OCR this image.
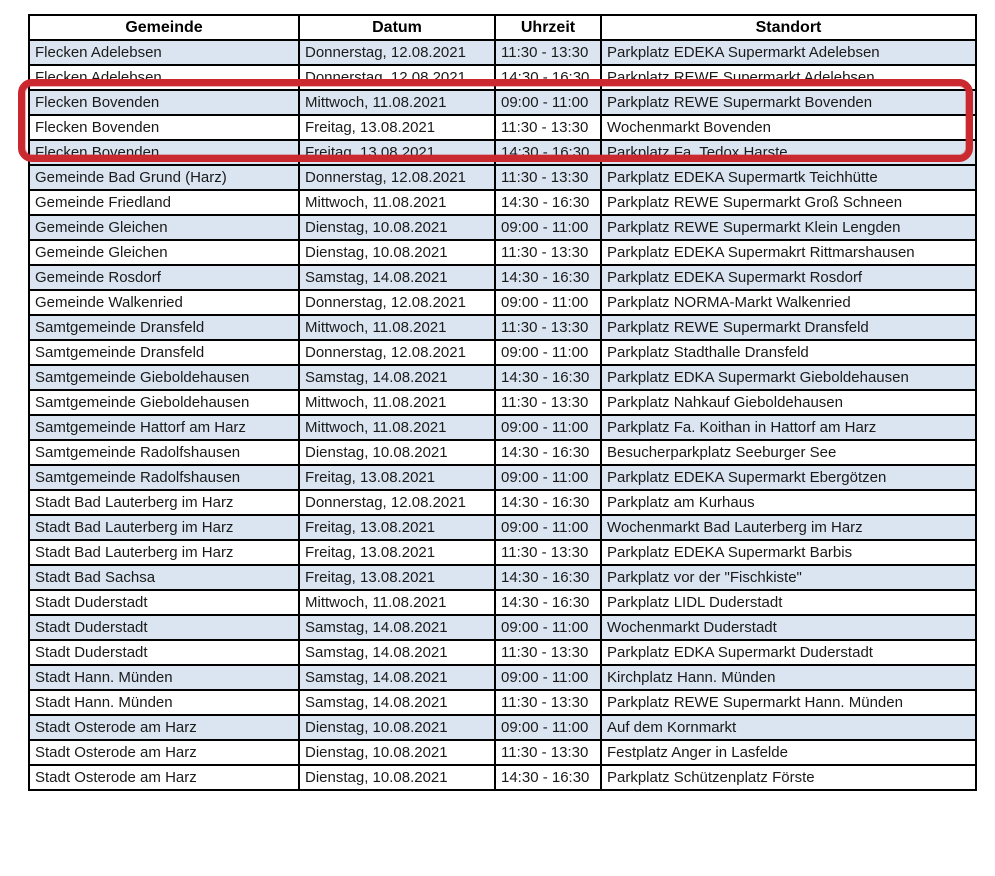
Gemeinde	Datum	Uhrzeit	Standort
Flecken Adelebsen	Donnerstag, 12.08.2021	11:30 - 13:30	Parkplatz EDEKA Supermarkt Adelebsen
Flecken Adelebsen	Donnerstag, 12.08.2021	14:30 - 16:30	Parkplatz REWE Supermarkt Adelebsen
Flecken Bovenden	Mittwoch, 11.08.2021	09:00 - 11:00	Parkplatz REWE Supermarkt Bovenden
Flecken Bovenden	Freitag, 13.08.2021	11:30 - 13:30	Wochenmarkt Bovenden
Flecken Bovenden	Freitag, 13.08.2021	14:30 - 16:30	Parkplatz Fa. Tedox Harste
Gemeinde Bad Grund (Harz)	Donnerstag, 12.08.2021	11:30 - 13:30	Parkplatz EDEKA Supermartk Teichhütte
Gemeinde Friedland	Mittwoch, 11.08.2021	14:30 - 16:30	Parkplatz REWE Supermarkt Groß Schneen
Gemeinde Gleichen	Dienstag, 10.08.2021	09:00 - 11:00	Parkplatz REWE Supermarkt Klein Lengden
Gemeinde Gleichen	Dienstag, 10.08.2021	11:30 - 13:30	Parkplatz EDEKA Supermakrt Rittmarshausen
Gemeinde Rosdorf	Samstag, 14.08.2021	14:30 - 16:30	Parkplatz EDEKA Supermarkt Rosdorf
Gemeinde Walkenried	Donnerstag, 12.08.2021	09:00 - 11:00	Parkplatz NORMA-Markt Walkenried
Samtgemeinde Dransfeld	Mittwoch, 11.08.2021	11:30 - 13:30	Parkplatz REWE Supermarkt Dransfeld
Samtgemeinde Dransfeld	Donnerstag, 12.08.2021	09:00 - 11:00	Parkplatz Stadthalle Dransfeld
Samtgemeinde Gieboldehausen	Samstag, 14.08.2021	14:30 - 16:30	Parkplatz EDKA Supermarkt Gieboldehausen
Samtgemeinde Gieboldehausen	Mittwoch, 11.08.2021	11:30 - 13:30	Parkplatz Nahkauf Gieboldehausen
Samtgemeinde Hattorf am Harz	Mittwoch, 11.08.2021	09:00 - 11:00	Parkplatz Fa. Koithan in Hattorf am Harz
Samtgemeinde Radolfshausen	Dienstag, 10.08.2021	14:30 - 16:30	Besucherparkplatz Seeburger See
Samtgemeinde Radolfshausen	Freitag, 13.08.2021	09:00 - 11:00	Parkplatz EDEKA Supermarkt Ebergötzen
Stadt Bad Lauterberg im Harz	Donnerstag, 12.08.2021	14:30 - 16:30	Parkplatz am Kurhaus
Stadt Bad Lauterberg im Harz	Freitag, 13.08.2021	09:00 - 11:00	Wochenmarkt Bad Lauterberg im Harz
Stadt Bad Lauterberg im Harz	Freitag, 13.08.2021	11:30 - 13:30	Parkplatz EDEKA Supermarkt Barbis
Stadt Bad Sachsa	Freitag, 13.08.2021	14:30 - 16:30	Parkplatz vor der "Fischkiste"
Stadt Duderstadt	Mittwoch, 11.08.2021	14:30 - 16:30	Parkplatz LIDL Duderstadt
Stadt Duderstadt	Samstag, 14.08.2021	09:00 - 11:00	Wochenmarkt Duderstadt
Stadt Duderstadt	Samstag, 14.08.2021	11:30 - 13:30	Parkplatz EDKA Supermarkt Duderstadt
Stadt Hann. Münden	Samstag, 14.08.2021	09:00 - 11:00	Kirchplatz Hann. Münden
Stadt Hann. Münden	Samstag, 14.08.2021	11:30 - 13:30	Parkplatz REWE Supermarkt Hann. Münden
Stadt Osterode am Harz	Dienstag, 10.08.2021	09:00 - 11:00	Auf dem Kornmarkt
Stadt Osterode am Harz	Dienstag, 10.08.2021	11:30 - 13:30	Festplatz Anger in Lasfelde
Stadt Osterode am Harz	Dienstag, 10.08.2021	14:30 - 16:30	Parkplatz Schützenplatz Förste
